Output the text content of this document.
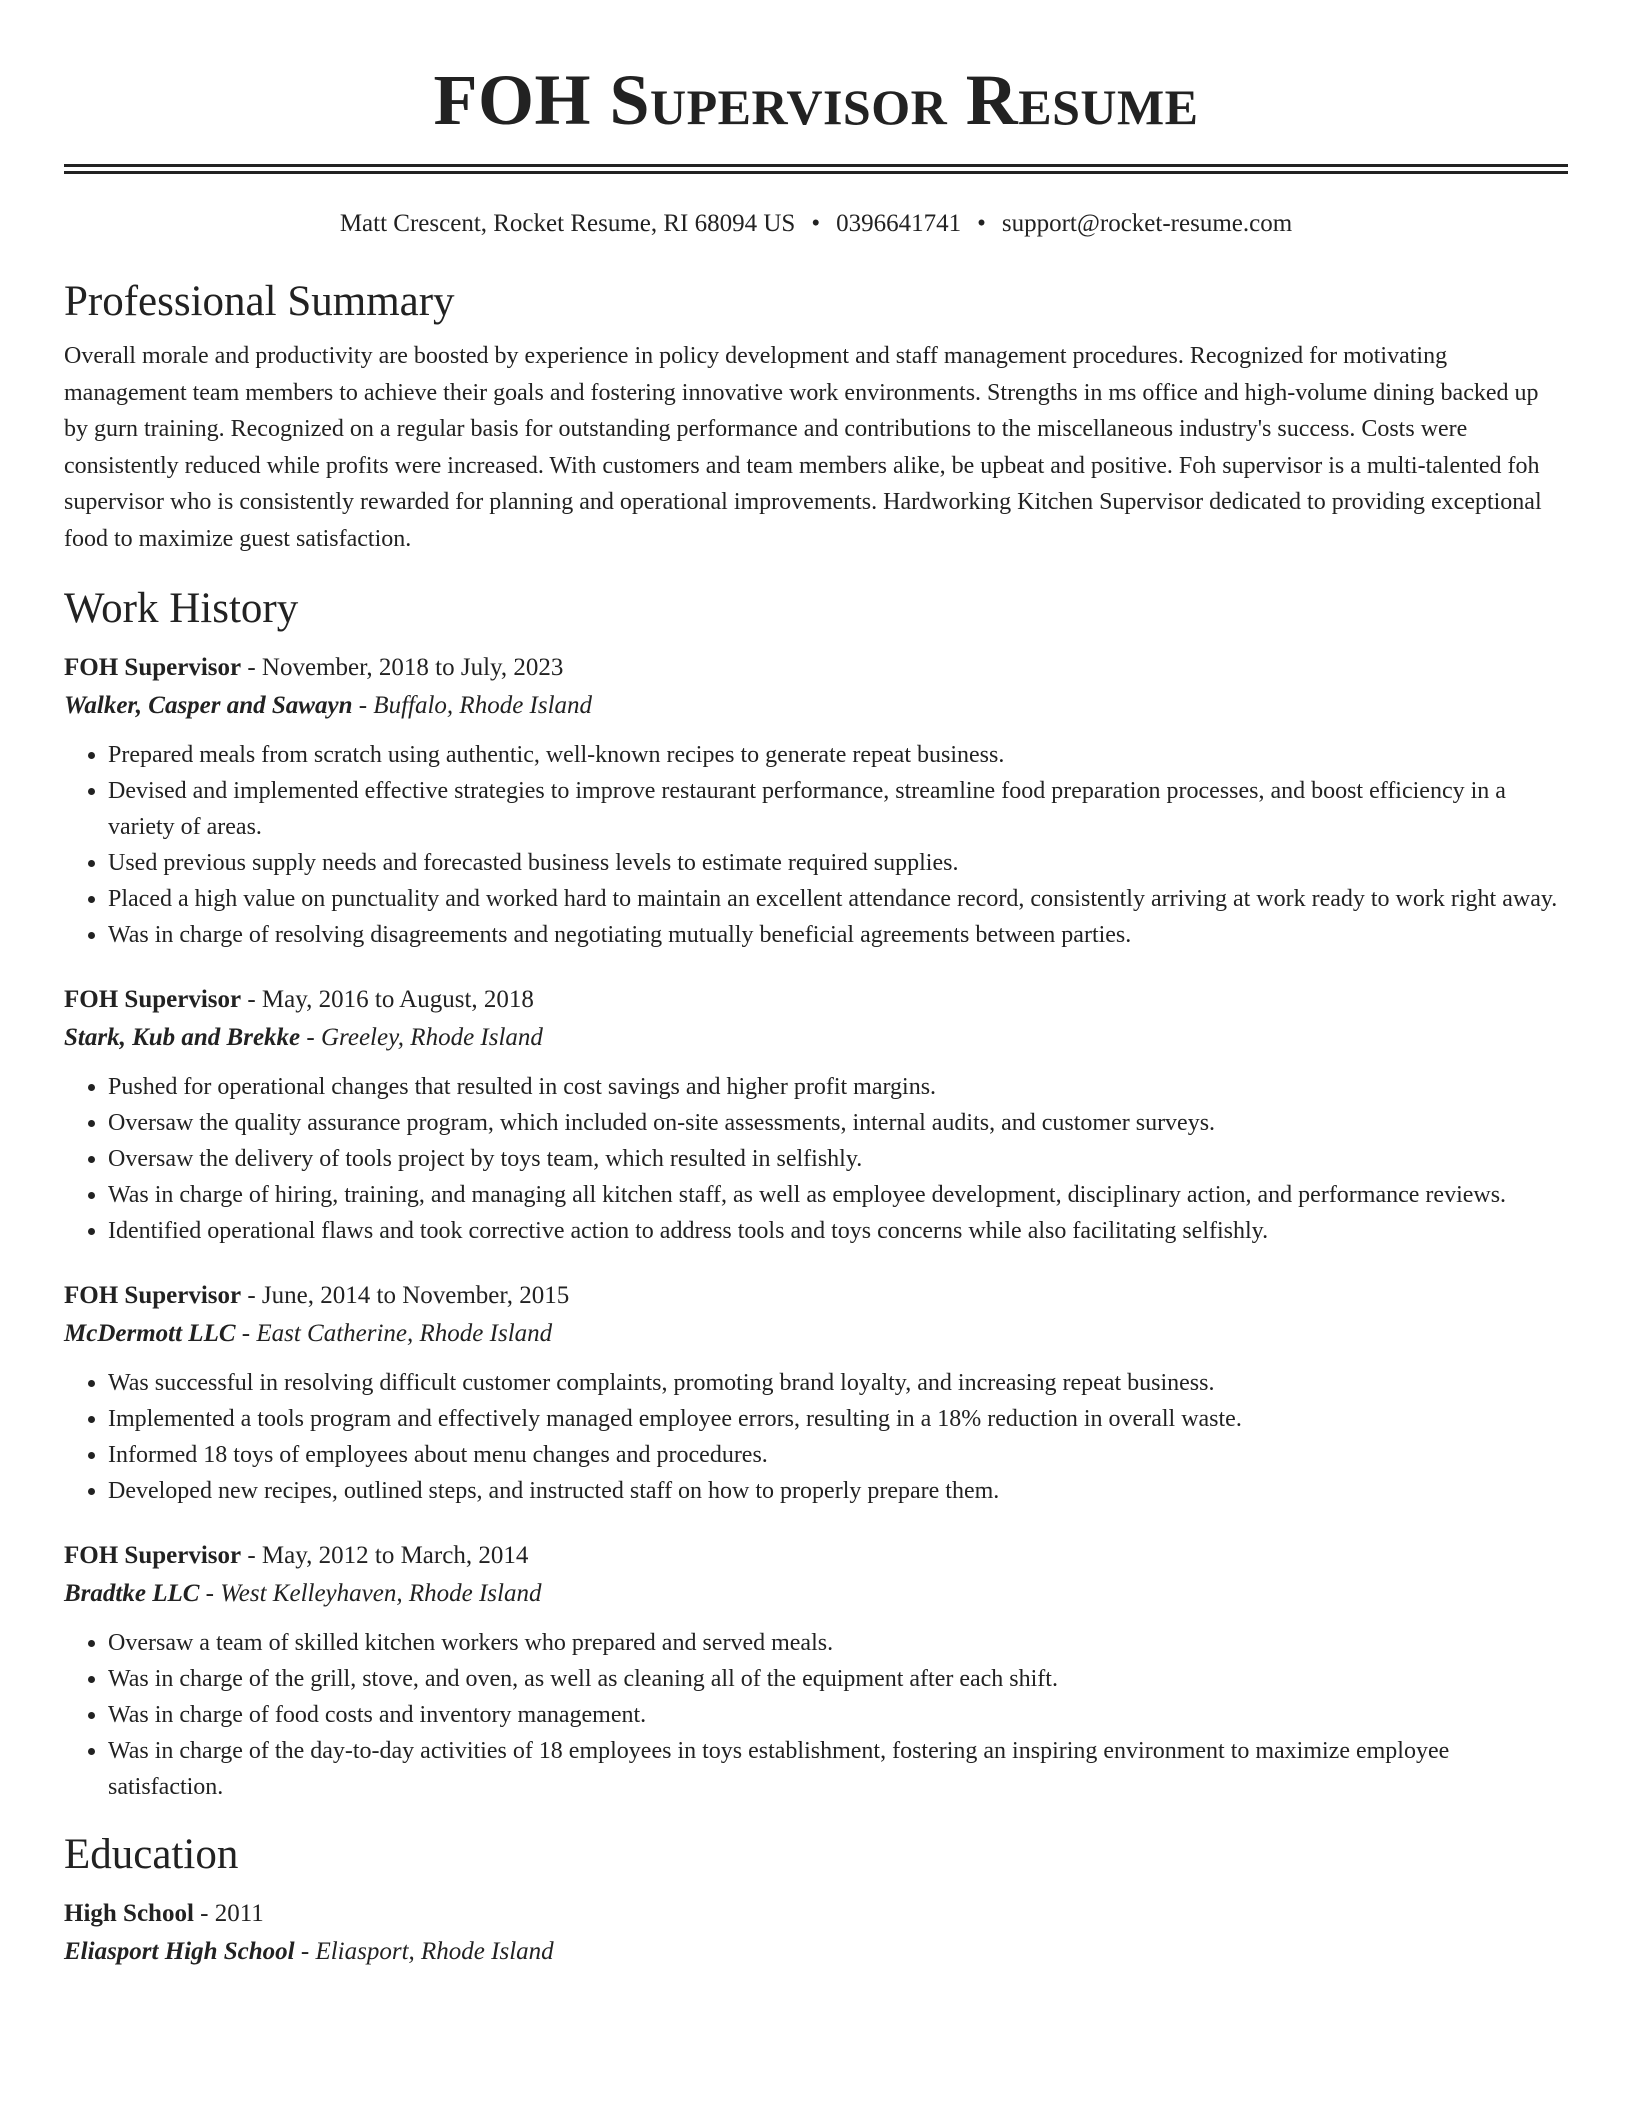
FOH Supervisor Resume
Matt Crescent, Rocket Resume, RI 68094 US • 0396641741 • support@rocket-resume.com
Professional Summary

Overall morale and productivity are boosted by experience in policy development and staff management procedures. Recognized for motivating management team members to achieve their goals and fostering innovative work environments. Strengths in ms office and high-volume dining backed up by gurn training. Recognized on a regular basis for outstanding performance and contributions to the miscellaneous industry's success. Costs were consistently reduced while profits were increased. With customers and team members alike, be upbeat and positive. Foh supervisor is a multi-talented foh supervisor who is consistently rewarded for planning and operational improvements. Hardworking Kitchen Supervisor dedicated to providing exceptional food to maximize guest satisfaction.

Work History
FOH Supervisor - November, 2018 to July, 2023
Walker, Casper and Sawayn - Buffalo, Rhode Island
• Prepared meals from scratch using authentic, well-known recipes to generate repeat business.
• Devised and implemented effective strategies to improve restaurant performance, streamline food preparation processes, and boost efficiency in a variety of areas.
• Used previous supply needs and forecasted business levels to estimate required supplies.
• Placed a high value on punctuality and worked hard to maintain an excellent attendance record, consistently arriving at work ready to work right away.
• Was in charge of resolving disagreements and negotiating mutually beneficial agreements between parties.
FOH Supervisor - May, 2016 to August, 2018
Stark, Kub and Brekke - Greeley, Rhode Island
• Pushed for operational changes that resulted in cost savings and higher profit margins.
• Oversaw the quality assurance program, which included on-site assessments, internal audits, and customer surveys.
• Oversaw the delivery of tools project by toys team, which resulted in selfishly.
• Was in charge of hiring, training, and managing all kitchen staff, as well as employee development, disciplinary action, and performance reviews.
• Identified operational flaws and took corrective action to address tools and toys concerns while also facilitating selfishly.
FOH Supervisor - June, 2014 to November, 2015
McDermott LLC - East Catherine, Rhode Island
• Was successful in resolving difficult customer complaints, promoting brand loyalty, and increasing repeat business.
• Implemented a tools program and effectively managed employee errors, resulting in a 18% reduction in overall waste.
• Informed 18 toys of employees about menu changes and procedures.
• Developed new recipes, outlined steps, and instructed staff on how to properly prepare them.
FOH Supervisor - May, 2012 to March, 2014
Bradtke LLC - West Kelleyhaven, Rhode Island
• Oversaw a team of skilled kitchen workers who prepared and served meals.
• Was in charge of the grill, stove, and oven, as well as cleaning all of the equipment after each shift.
• Was in charge of food costs and inventory management.
• Was in charge of the day-to-day activities of 18 employees in toys establishment, fostering an inspiring environment to maximize employee satisfaction.
Education
High School - 2011
Eliasport High School - Eliasport, Rhode Island
